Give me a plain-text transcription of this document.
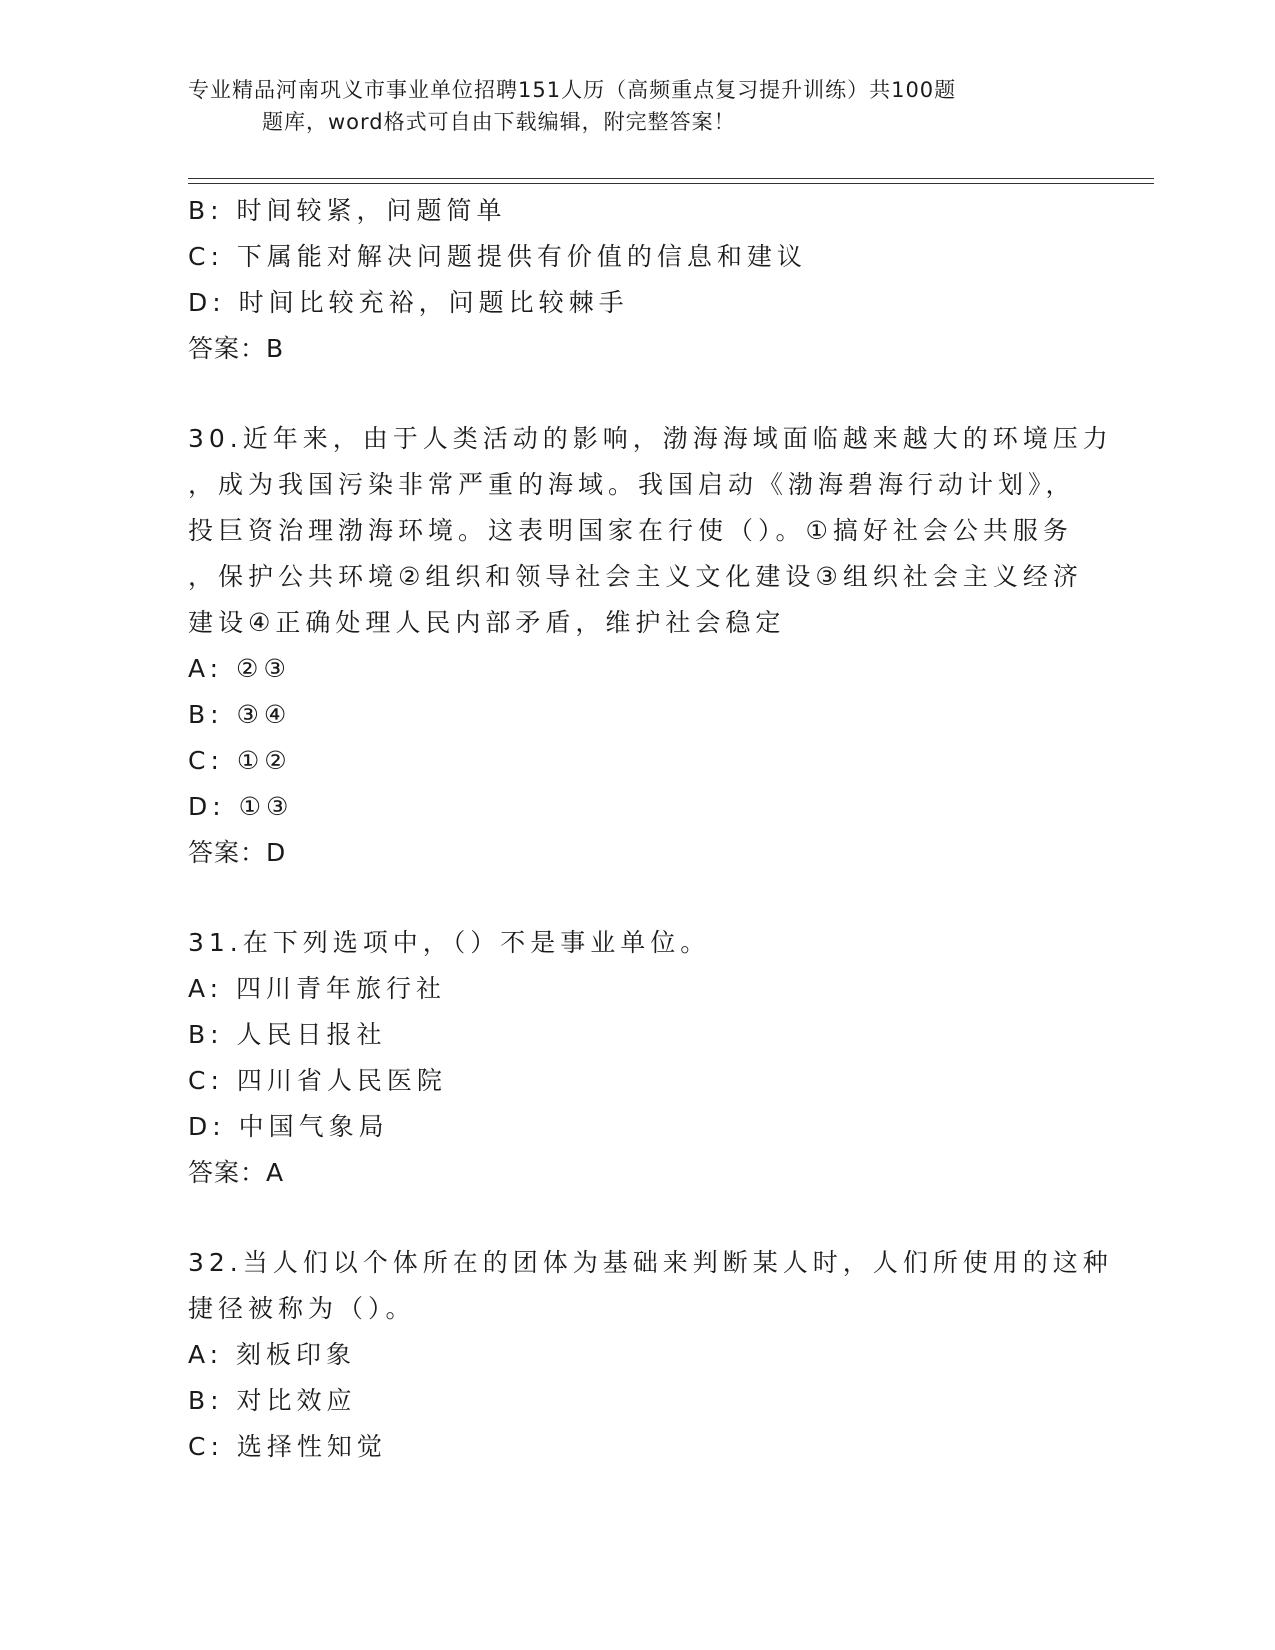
专业精品河南巩义市事业单位招聘151人历（高频重点复习提升训练）共100题
题库，word格式可自由下载编辑，附完整答案！
B: 时间较紧，问题简单
C: 下属能对解决问题提供有价值的信息和建议
D: 时间比较充裕，问题比较棘手
答案：B
30.近年来，由于人类活动的影响，渤海海域面临越来越大的环境压力
，成为我国污染非常严重的海域。我国启动《渤海碧海行动计划》，
投巨资治理渤海环境。这表明国家在行使（）。①搞好社会公共服务
，保护公共环境②组织和领导社会主义文化建设③组织社会主义经济
建设④正确处理人民内部矛盾，维护社会稳定
A: ②③
B: ③④
C: ①②
D: ①③
答案：D
31.在下列选项中，（）不是事业单位。
A: 四川青年旅行社
B: 人民日报社
C: 四川省人民医院
D: 中国气象局
答案：A
32.当人们以个体所在的团体为基础来判断某人时，人们所使用的这种
捷径被称为（）。
A: 刻板印象
B: 对比效应
C: 选择性知觉
